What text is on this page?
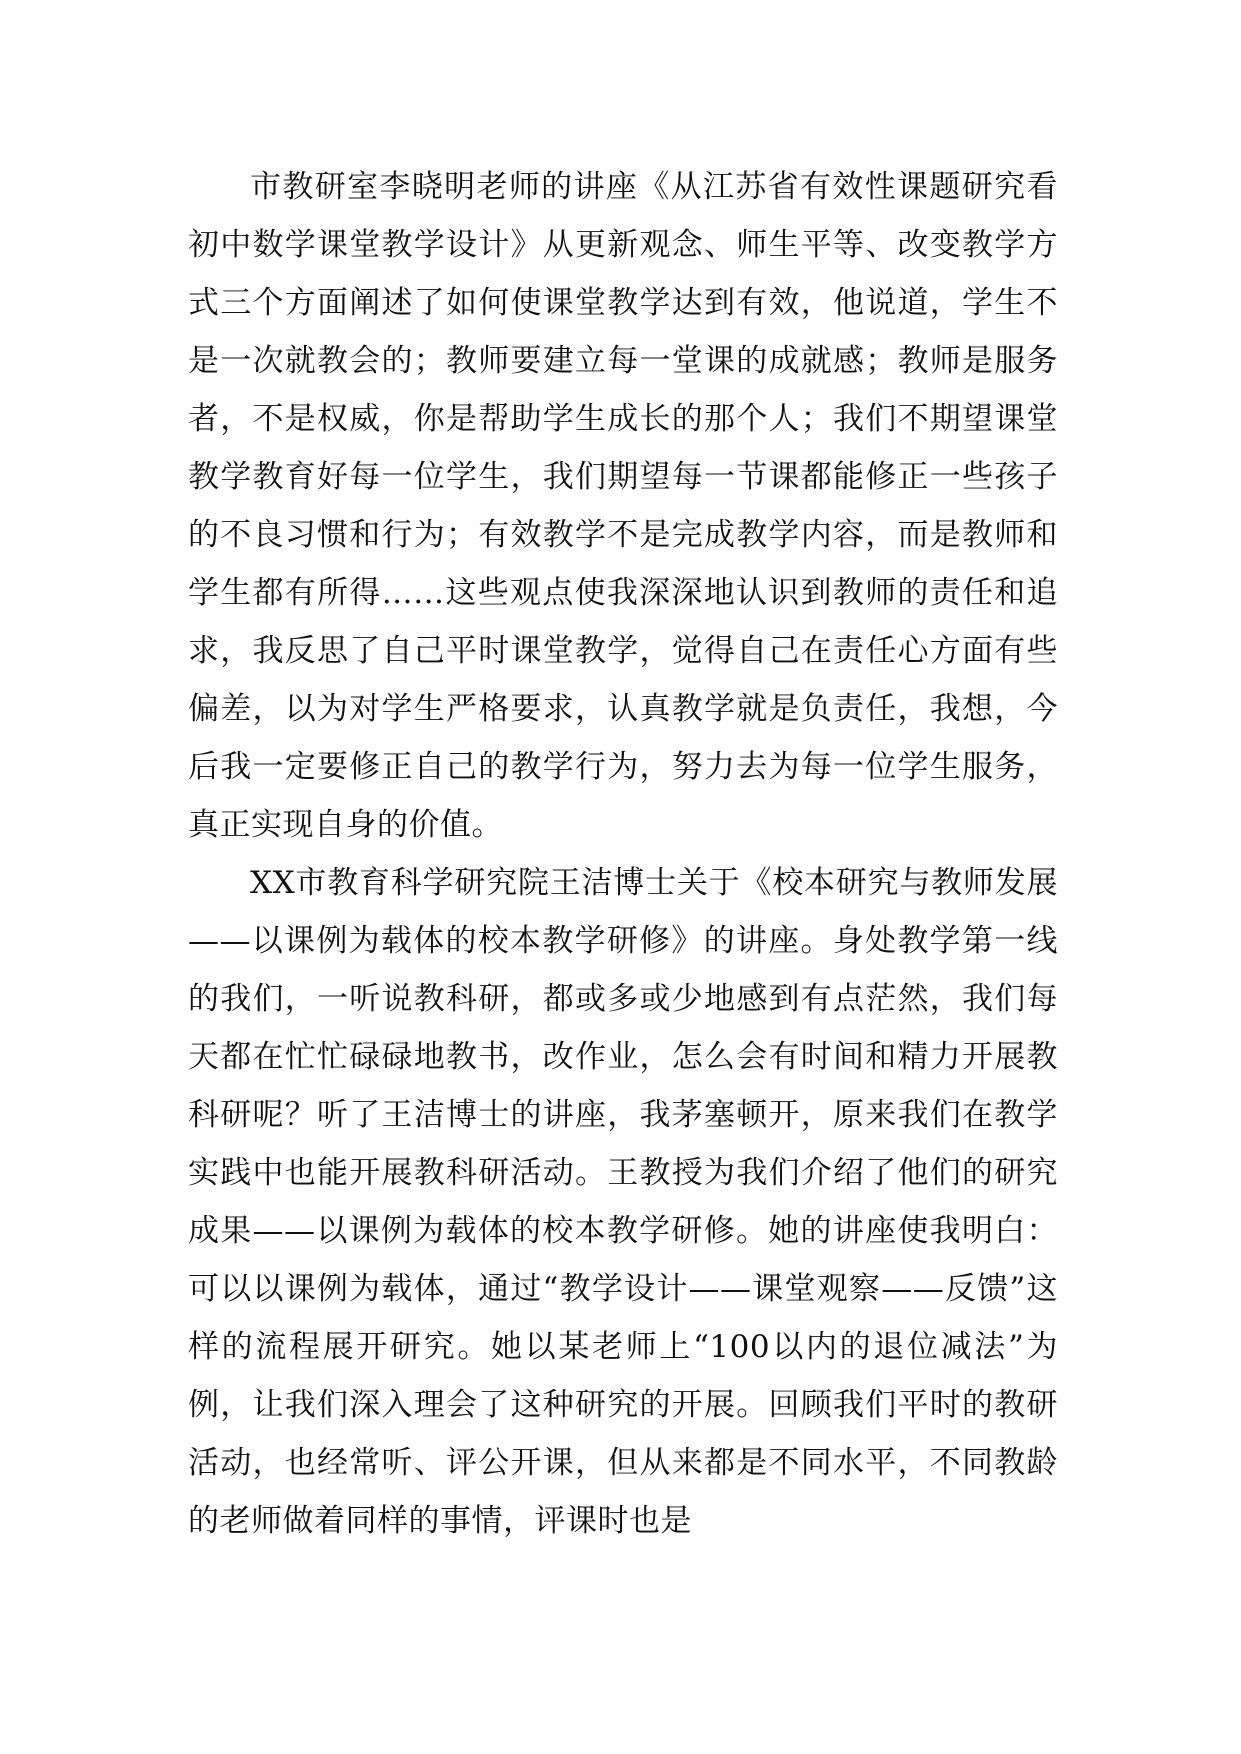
市教研室李晓明老师的讲座《从江苏省有效性课题研究看初中数学课堂教学设计》从更新观念、师生平等、改变教学方式三个方面阐述了如何使课堂教学达到有效，他说道，学生不是一次就教会的；教师要建立每一堂课的成就感；教师是服务者，不是权威，你是帮助学生成长的那个人；我们不期望课堂教学教育好每一位学生，我们期望每一节课都能修正一些孩子的不良习惯和行为；有效教学不是完成教学内容，而是教师和学生都有所得……这些观点使我深深地认识到教师的责任和追求，我反思了自己平时课堂教学，觉得自己在责任心方面有些偏差，以为对学生严格要求，认真教学就是负责任，我想，今后我一定要修正自己的教学行为，努力去为每一位学生服务，真正实现自身的价值。

XX市教育科学研究院王洁博士关于《校本研究与教师发展——以课例为载体的校本教学研修》的讲座。身处教学第一线的我们，一听说教科研，都或多或少地感到有点茫然，我们每天都在忙忙碌碌地教书，改作业，怎么会有时间和精力开展教科研呢？听了王洁博士的讲座，我茅塞顿开，原来我们在教学实践中也能开展教科研活动。王教授为我们介绍了他们的研究成果——以课例为载体的校本教学研修。她的讲座使我明白：可以以课例为载体，通过“教学设计——课堂观察——反馈”这样的流程展开研究。她以某老师上“100以内的退位减法”为例，让我们深入理会了这种研究的开展。回顾我们平时的教研活动，也经常听、评公开课，但从来都是不同水平，不同教龄的老师做着同样的事情，评课时也是
